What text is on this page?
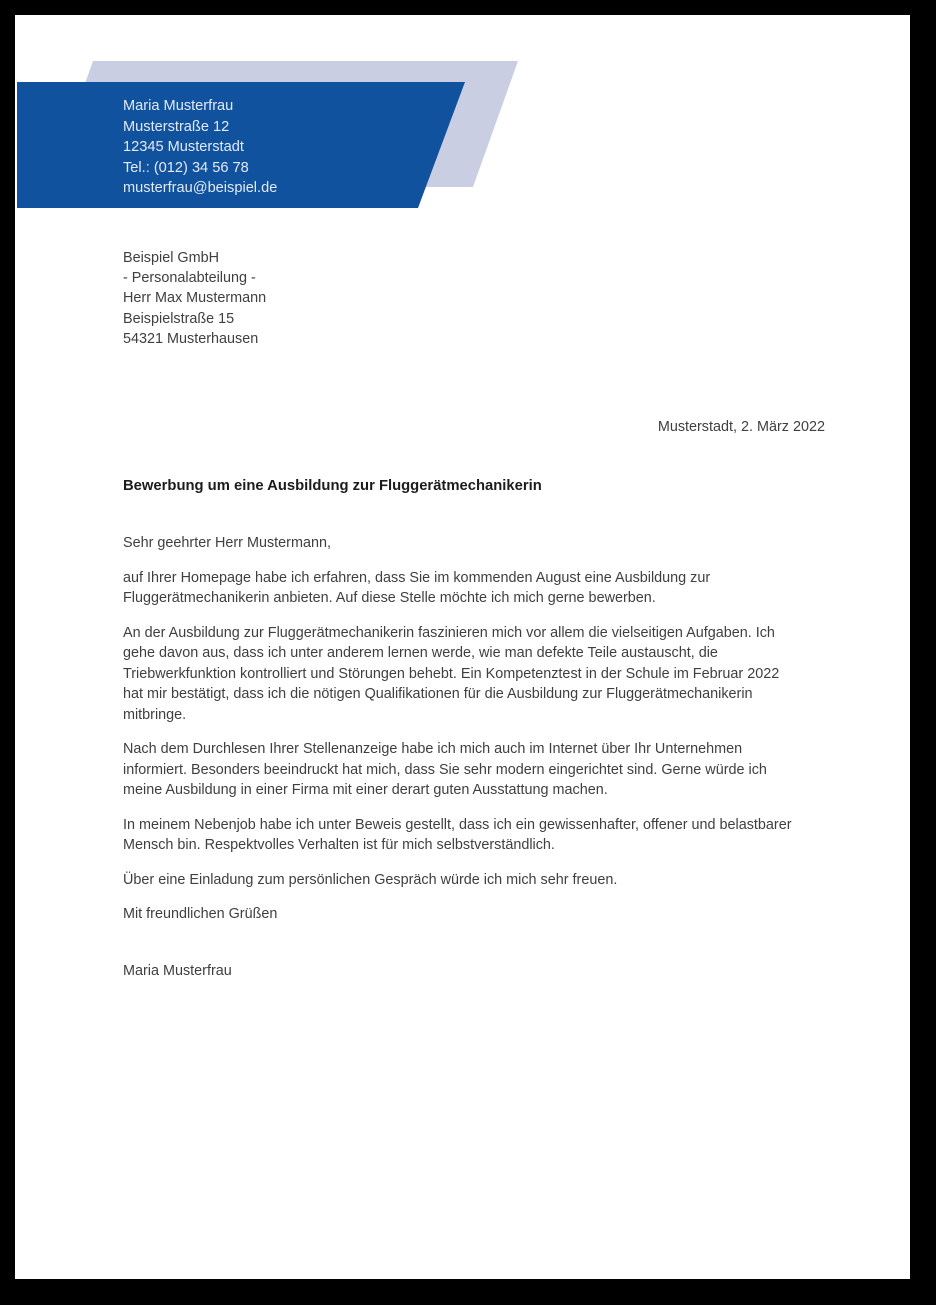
Maria Musterfrau
Musterstraße 12
12345 Musterstadt
Tel.: (012) 34 56 78
musterfrau@beispiel.de
Beispiel GmbH
- Personalabteilung -
Herr Max Mustermann
Beispielstraße 15
54321 Musterhausen
Musterstadt, 2. März 2022
Bewerbung um eine Ausbildung zur Fluggerätmechanikerin

Sehr geehrter Herr Mustermann,

auf Ihrer Homepage habe ich erfahren, dass Sie im kommenden August eine Ausbildung zur
Fluggerätmechanikerin anbieten. Auf diese Stelle möchte ich mich gerne bewerben.

An der Ausbildung zur Fluggerätmechanikerin faszinieren mich vor allem die vielseitigen Aufgaben. Ich
gehe davon aus, dass ich unter anderem lernen werde, wie man defekte Teile austauscht, die
Triebwerkfunktion kontrolliert und Störungen behebt. Ein Kompetenztest in der Schule im Februar 2022
hat mir bestätigt, dass ich die nötigen Qualifikationen für die Ausbildung zur Fluggerätmechanikerin
mitbringe.

Nach dem Durchlesen Ihrer Stellenanzeige habe ich mich auch im Internet über Ihr Unternehmen
informiert. Besonders beeindruckt hat mich, dass Sie sehr modern eingerichtet sind. Gerne würde ich
meine Ausbildung in einer Firma mit einer derart guten Ausstattung machen.

In meinem Nebenjob habe ich unter Beweis gestellt, dass ich ein gewissenhafter, offener und belastbarer
Mensch bin. Respektvolles Verhalten ist für mich selbstverständlich.

Über eine Einladung zum persönlichen Gespräch würde ich mich sehr freuen.

Mit freundlichen Grüßen

Maria Musterfrau
